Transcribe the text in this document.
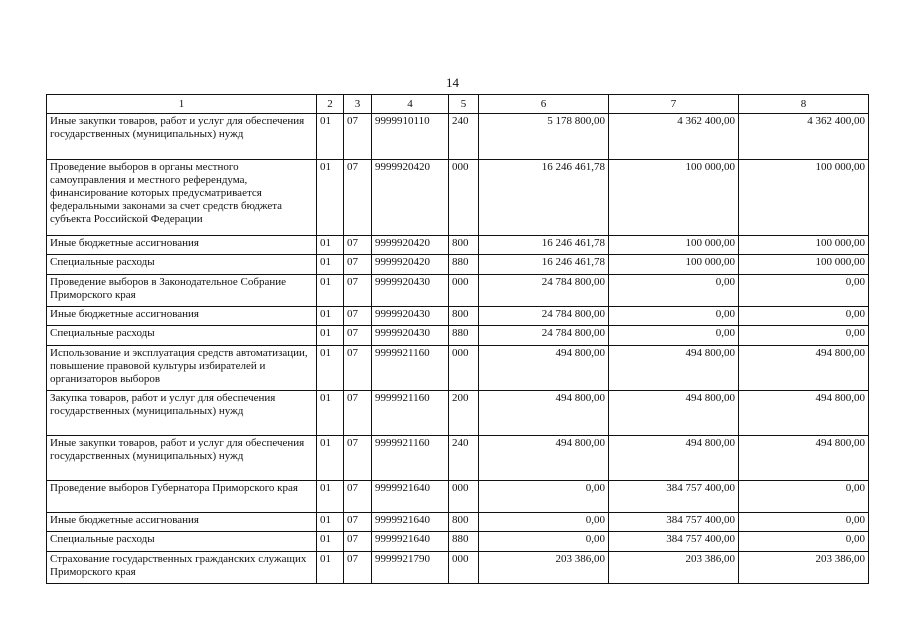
14
1	2	3	4	5	6	7	8
Иные закупки товаров, работ и услуг для обеспечения государственных (муниципальных) нужд	01	07	9999910110	240	5 178 800,00	4 362 400,00	4 362 400,00
Проведение выборов в органы местного самоуправления и местного референдума, финансирование которых предусматривается федеральными законами за счет средств бюджета субъекта Российской Федерации	01	07	9999920420	000	16 246 461,78	100 000,00	100 000,00
Иные бюджетные ассигнования	01	07	9999920420	800	16 246 461,78	100 000,00	100 000,00
Специальные расходы	01	07	9999920420	880	16 246 461,78	100 000,00	100 000,00
Проведение выборов в Законодательное Собрание Приморского края	01	07	9999920430	000	24 784 800,00	0,00	0,00
Иные бюджетные ассигнования	01	07	9999920430	800	24 784 800,00	0,00	0,00
Специальные расходы	01	07	9999920430	880	24 784 800,00	0,00	0,00
Использование и эксплуатация средств автоматизации, повышение правовой культуры избирателей и организаторов выборов	01	07	9999921160	000	494 800,00	494 800,00	494 800,00
Закупка товаров, работ и услуг для обеспечения государственных (муниципальных) нужд	01	07	9999921160	200	494 800,00	494 800,00	494 800,00
Иные закупки товаров, работ и услуг для обеспечения государственных (муниципальных) нужд	01	07	9999921160	240	494 800,00	494 800,00	494 800,00
Проведение выборов Губернатора Приморского края	01	07	9999921640	000	0,00	384 757 400,00	0,00
Иные бюджетные ассигнования	01	07	9999921640	800	0,00	384 757 400,00	0,00
Специальные расходы	01	07	9999921640	880	0,00	384 757 400,00	0,00
Страхование государственных гражданских служащих Приморского края	01	07	9999921790	000	203 386,00	203 386,00	203 386,00
